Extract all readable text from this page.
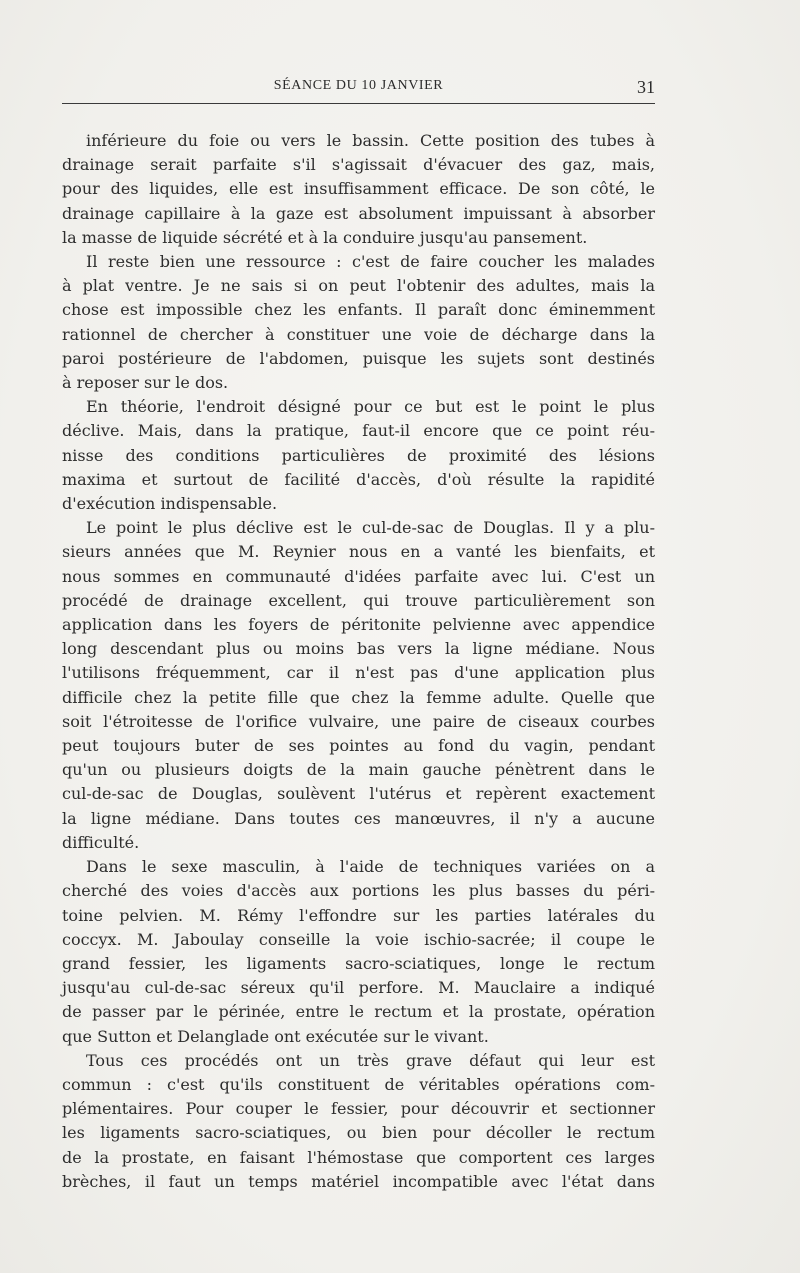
SÉANCE DU 10 JANVIER	31

inférieure du foie ou vers le bassin. Cette position des tubes à
drainage serait parfaite s'il s'agissait d'évacuer des gaz, mais,
pour des liquides, elle est insuffisamment efficace. De son côté, le
drainage capillaire à la gaze est absolument impuissant à absorber
la masse de liquide sécrété et à la conduire jusqu'au pansement.

Il reste bien une ressource : c'est de faire coucher les malades
à plat ventre. Je ne sais si on peut l'obtenir des adultes, mais la
chose est impossible chez les enfants. Il paraît donc éminemment
rationnel de chercher à constituer une voie de décharge dans la
paroi postérieure de l'abdomen, puisque les sujets sont destinés
à reposer sur le dos.

En théorie, l'endroit désigné pour ce but est le point le plus
déclive. Mais, dans la pratique, faut-il encore que ce point réu-
nisse des conditions particulières de proximité des lésions
maxima et surtout de facilité d'accès, d'où résulte la rapidité
d'exécution indispensable.

Le point le plus déclive est le cul-de-sac de Douglas. Il y a plu-
sieurs années que M. Reynier nous en a vanté les bienfaits, et
nous sommes en communauté d'idées parfaite avec lui. C'est un
procédé de drainage excellent, qui trouve particulièrement son
application dans les foyers de péritonite pelvienne avec appendice
long descendant plus ou moins bas vers la ligne médiane. Nous
l'utilisons fréquemment, car il n'est pas d'une application plus
difficile chez la petite fille que chez la femme adulte. Quelle que
soit l'étroitesse de l'orifice vulvaire, une paire de ciseaux courbes
peut toujours buter de ses pointes au fond du vagin, pendant
qu'un ou plusieurs doigts de la main gauche pénètrent dans le
cul-de-sac de Douglas, soulèvent l'utérus et repèrent exactement
la ligne médiane. Dans toutes ces manœuvres, il n'y a aucune
difficulté.

Dans le sexe masculin, à l'aide de techniques variées on a
cherché des voies d'accès aux portions les plus basses du péri-
toine pelvien. M. Rémy l'effondre sur les parties latérales du
coccyx. M. Jaboulay conseille la voie ischio-sacrée; il coupe le
grand fessier, les ligaments sacro-sciatiques, longe le rectum
jusqu'au cul-de-sac séreux qu'il perfore. M. Mauclaire a indiqué
de passer par le périnée, entre le rectum et la prostate, opération
que Sutton et Delanglade ont exécutée sur le vivant.

Tous ces procédés ont un très grave défaut qui leur est
commun : c'est qu'ils constituent de véritables opérations com-
plémentaires. Pour couper le fessier, pour découvrir et sectionner
les ligaments sacro-sciatiques, ou bien pour décoller le rectum
de la prostate, en faisant l'hémostase que comportent ces larges
brèches, il faut un temps matériel incompatible avec l'état dans
